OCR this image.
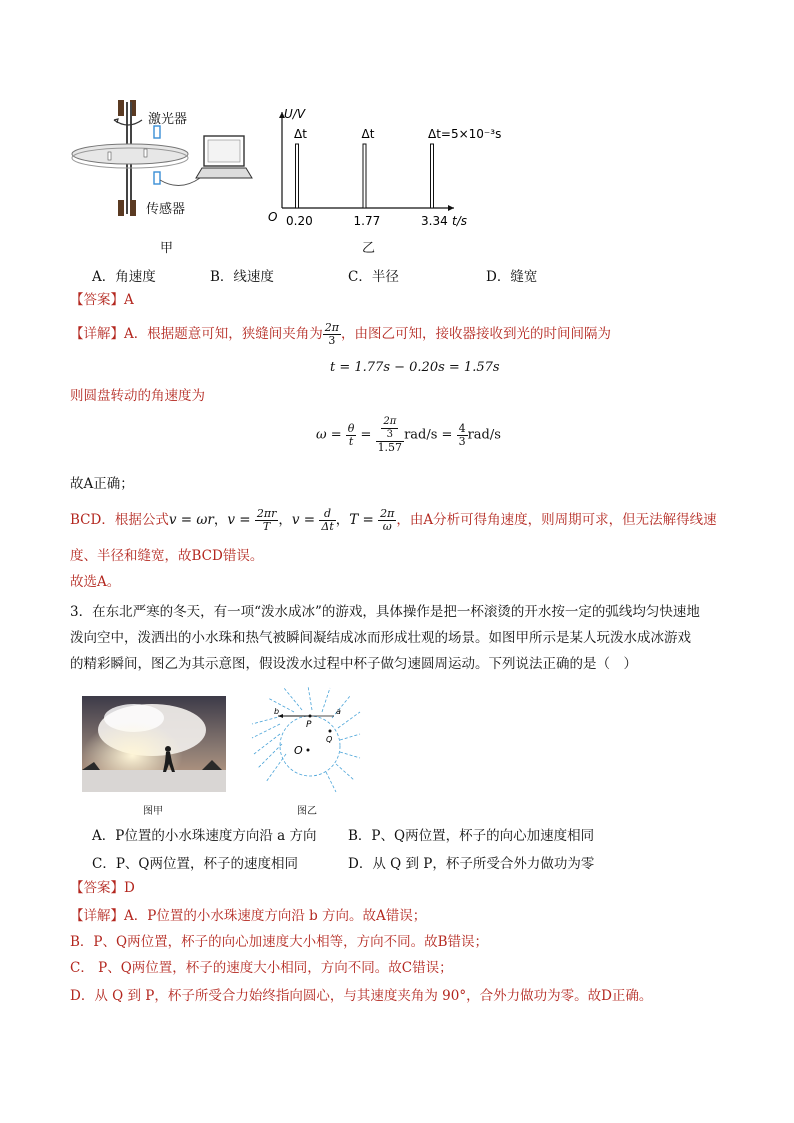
激光器
传感器
甲
U/V
O	t/s
0.20
Δt
1.77
Δt
3.34
Δt=5×10⁻³s
乙
A．角速度	B．线速度	C．半径	D．缝宽
【答案】A
【详解】A．根据题意可知，狭缝间夹角为 $\frac{2\pi}{3}$ ，由图乙可知，接收器接收到光的时间间隔为
t = 1.77s − 0.20s = 1.57s
则圆盘转动的角速度为
$\omega = \frac{\theta}{t} = \frac{\frac{2\pi}{3}}{1.57} rad/s = \frac{4}{3} rad/s$
故A正确；
BCD．根据公式v = ωr，$v = \frac{2\pi r}{T}$ ，$v = \frac{d}{\Delta t}$ ，$T = \frac{2\pi}{\omega}$ ，由A分析可得角速度，则周期可求，但无法解得线速
度、半径和缝宽，故BCD错误。
故选A。
3．在东北严寒的冬天，有一项“泼水成冰”的游戏，具体操作是把一杯滚烫的开水按一定的弧线均匀快速地
泼向空中，泼洒出的小水珠和热气被瞬间凝结成冰而形成壮观的场景。如图甲所示是某人玩泼水成冰游戏
的精彩瞬间，图乙为其示意图，假设泼水过程中杯子做匀速圆周运动。下列说法正确的是（　）
图甲
b	a
P
Q
O
图乙
A．P位置的小水珠速度方向沿 a 方向 B．P、Q两位置，杯子的向心加速度相同
C．P、Q两位置，杯子的速度相同	D．从 Q 到 P，杯子所受合外力做功为零
【答案】D
【详解】A．P位置的小水珠速度方向沿 b 方向。故A错误；
B．P、Q两位置，杯子的向心加速度大小相等，方向不同。故B错误；
C． P、Q两位置，杯子的速度大小相同，方向不同。故C错误；
D．从 Q 到 P，杯子所受合力始终指向圆心，与其速度夹角为 90°，合外力做功为零。故D正确。
